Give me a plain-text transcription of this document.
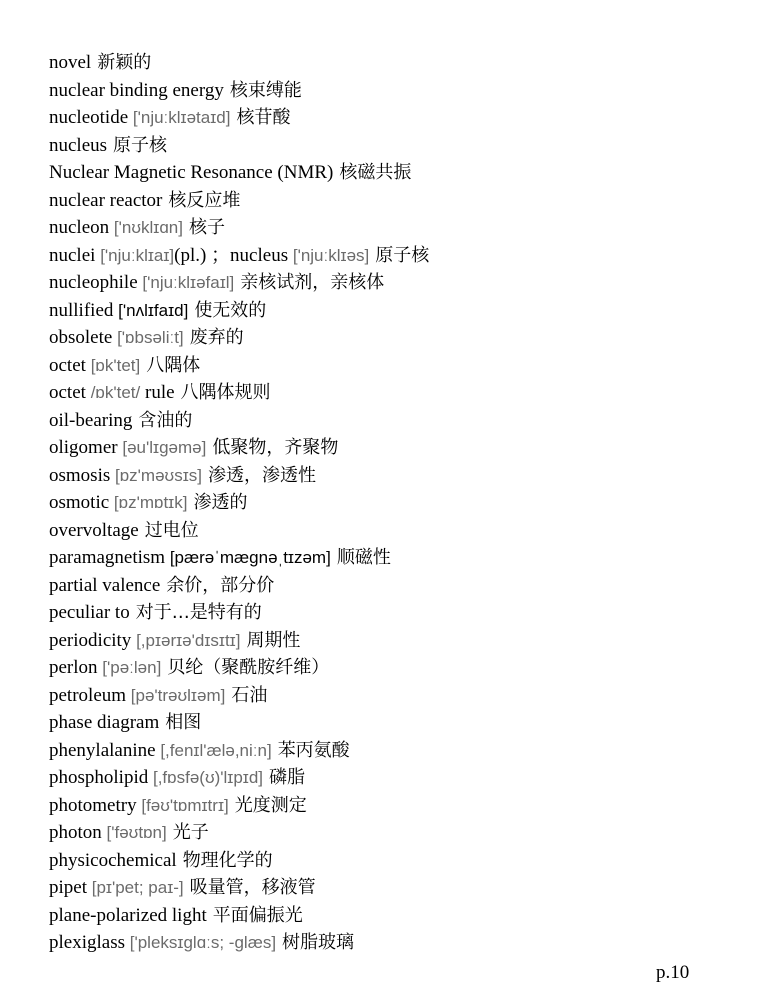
novel 新颖的
nuclear binding energy 核束缚能
nucleotide ['njuːklɪətaɪd] 核苷酸
nucleus 原子核
Nuclear Magnetic Resonance (NMR) 核磁共振
nuclear reactor 核反应堆
nucleon ['nʊklɪɑn] 核子
nuclei ['njuːklɪaɪ](pl.) ；nucleus ['njuːklɪəs] 原子核
nucleophile ['njuːklɪəfaɪl] 亲核试剂，亲核体
nullified ['nʌlɪfaɪd] 使无效的
obsolete ['ɒbsəliːt] 废弃的
octet [ɒk'tet] 八隅体
octet /ɒk'tet/ rule 八隅体规则
oil-bearing 含油的
oligomer [əu'lɪgəmə] 低聚物，齐聚物
osmosis [ɒz'məʊsɪs] 渗透，渗透性
osmotic [ɒz'mɒtɪk] 渗透的
overvoltage 过电位
paramagnetism [pærəˈmægnəˌtɪzəm] 顺磁性
partial valence 余价，部分价
peculiar to 对于…是特有的
periodicity [,pɪərɪə'dɪsɪtɪ] 周期性
perlon ['pəːlən] 贝纶（聚酰胺纤维）
petroleum [pə'trəʊlɪəm] 石油
phase diagram 相图
phenylalanine [,fenɪl'ælə,niːn] 苯丙氨酸
phospholipid [,fɒsfə(ʊ)'lɪpɪd] 磷脂
photometry [fəʊ'tɒmɪtrɪ] 光度测定
photon ['fəʊtɒn] 光子
physicochemical 物理化学的
pipet [pɪ'pet; paɪ-] 吸量管，移液管
plane-polarized light 平面偏振光
plexiglass ['pleksɪglɑːs; -glæs] 树脂玻璃
p.10
